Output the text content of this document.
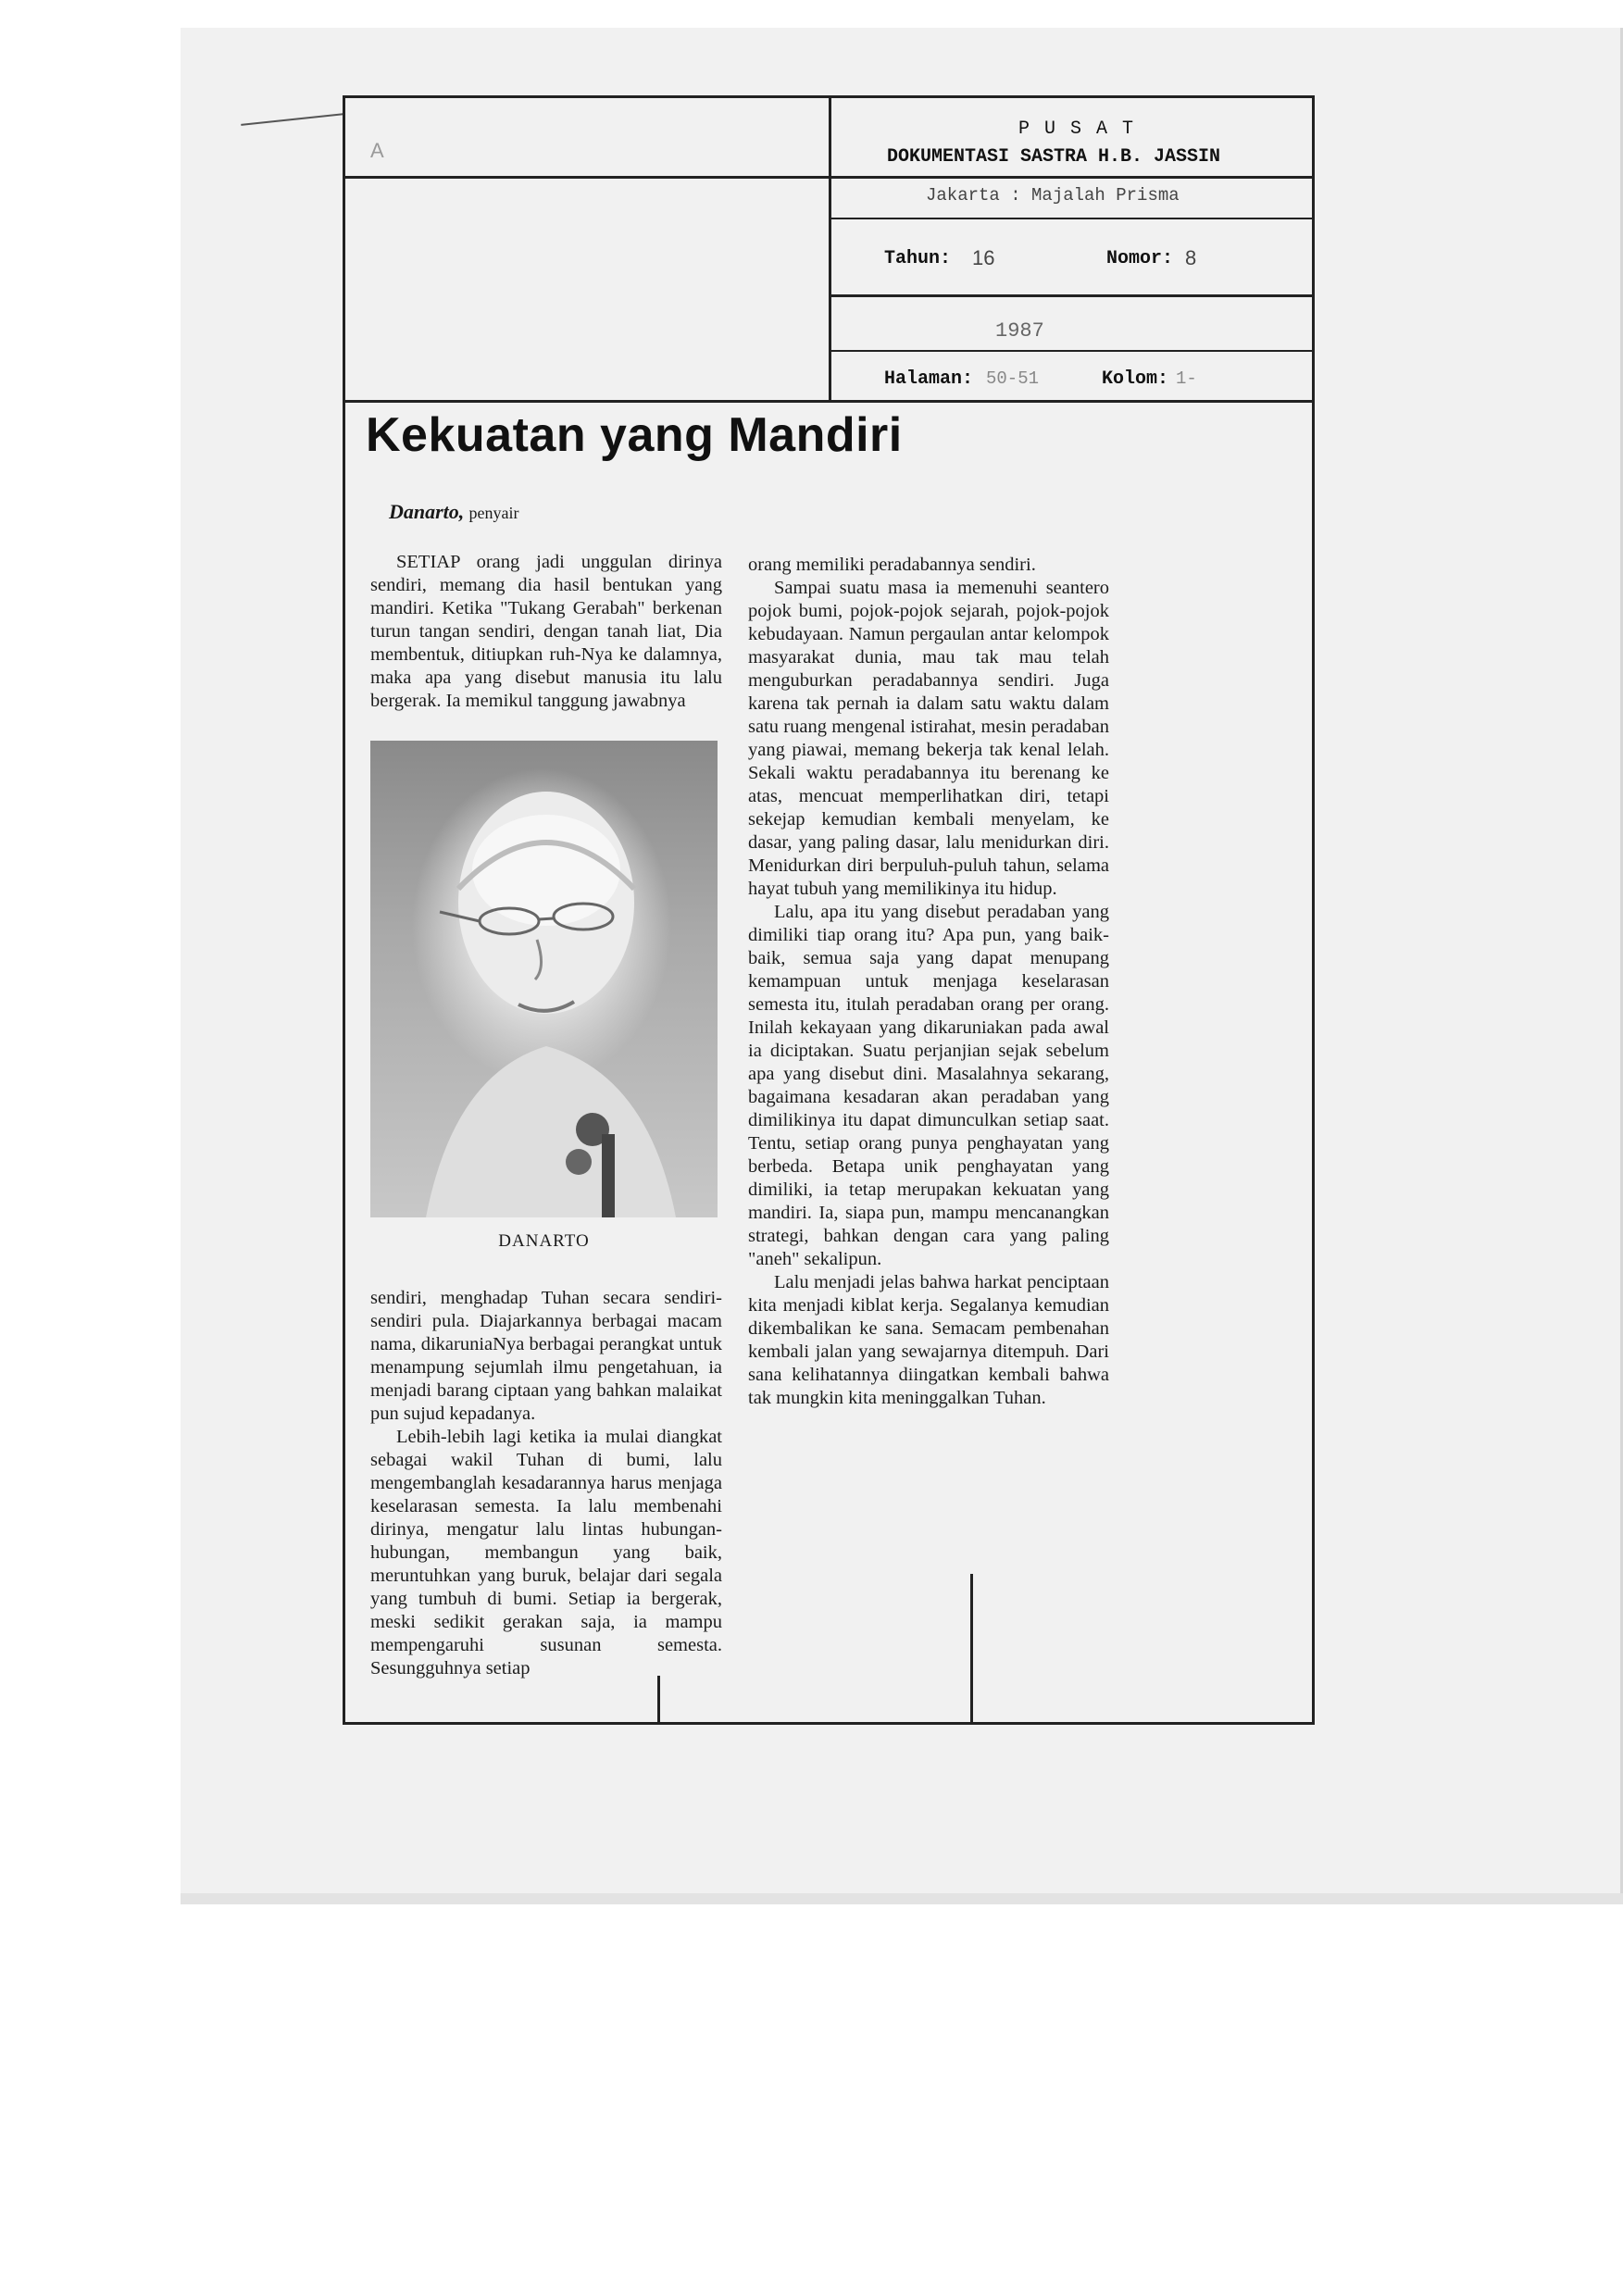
P U S A T
DOKUMENTASI SASTRA H.B. JASSIN
Jakarta : Majalah Prisma
Tahun: 16	Nomor: 8
1987
Halaman: 50-51	Kolom: 1-
A
Kekuatan yang Mandiri
Danarto, penyair

SETIAP orang jadi unggulan dirinya sendiri, memang dia hasil bentukan yang mandiri. Ketika "Tukang Gerabah" berkenan turun tangan sendiri, dengan tanah liat, Dia membentuk, ditiupkan ruh-Nya ke dalamnya, maka apa yang disebut manusia itu lalu bergerak. Ia memikul tanggung jawabnya

DANARTO

sendiri, menghadap Tuhan secara sendiri-sendiri pula. Diajarkannya berbagai macam nama, dikaruniaNya berbagai perangkat untuk menampung sejumlah ilmu pengetahuan, ia menjadi barang ciptaan yang bahkan malaikat pun sujud kepadanya.

Lebih-lebih lagi ketika ia mulai diangkat sebagai wakil Tuhan di bumi, lalu mengembanglah kesadarannya harus menjaga keselarasan semesta. Ia lalu membenahi dirinya, mengatur lalu lintas hubungan-hubungan, membangun yang baik, meruntuhkan yang buruk, belajar dari segala yang tumbuh di bumi. Setiap ia bergerak, meski sedikit gerakan saja, ia mampu mempengaruhi susunan semesta. Sesungguhnya setiap

orang memiliki peradabannya sendiri.

Sampai suatu masa ia memenuhi seantero pojok bumi, pojok-pojok sejarah, pojok-pojok kebudayaan. Namun pergaulan antar kelompok masyarakat dunia, mau tak mau telah menguburkan peradabannya sendiri. Juga karena tak pernah ia dalam satu waktu dalam satu ruang mengenal istirahat, mesin peradaban yang piawai, memang bekerja tak kenal lelah. Sekali waktu peradabannya itu berenang ke atas, mencuat memperlihatkan diri, tetapi sekejap kemudian kembali menyelam, ke dasar, yang paling dasar, lalu menidurkan diri. Menidurkan diri berpuluh-puluh tahun, selama hayat tubuh yang memilikinya itu hidup.

Lalu, apa itu yang disebut peradaban yang dimiliki tiap orang itu? Apa pun, yang baik-baik, semua saja yang dapat menupang kemampuan untuk menjaga keselarasan semesta itu, itulah peradaban orang per orang. Inilah kekayaan yang dikaruniakan pada awal ia diciptakan. Suatu perjanjian sejak sebelum apa yang disebut dini. Masalahnya sekarang, bagaimana kesadaran akan peradaban yang dimilikinya itu dapat dimunculkan setiap saat. Tentu, setiap orang punya penghayatan yang berbeda. Betapa unik penghayatan yang dimiliki, ia tetap merupakan kekuatan yang mandiri. Ia, siapa pun, mampu mencanangkan strategi, bahkan dengan cara yang paling "aneh" sekalipun.

Lalu menjadi jelas bahwa harkat penciptaan kita menjadi kiblat kerja. Segalanya kemudian dikembalikan ke sana. Semacam pembenahan kembali jalan yang sewajarnya ditempuh. Dari sana kelihatannya diingatkan kembali bahwa tak mungkin kita meninggalkan Tuhan.
